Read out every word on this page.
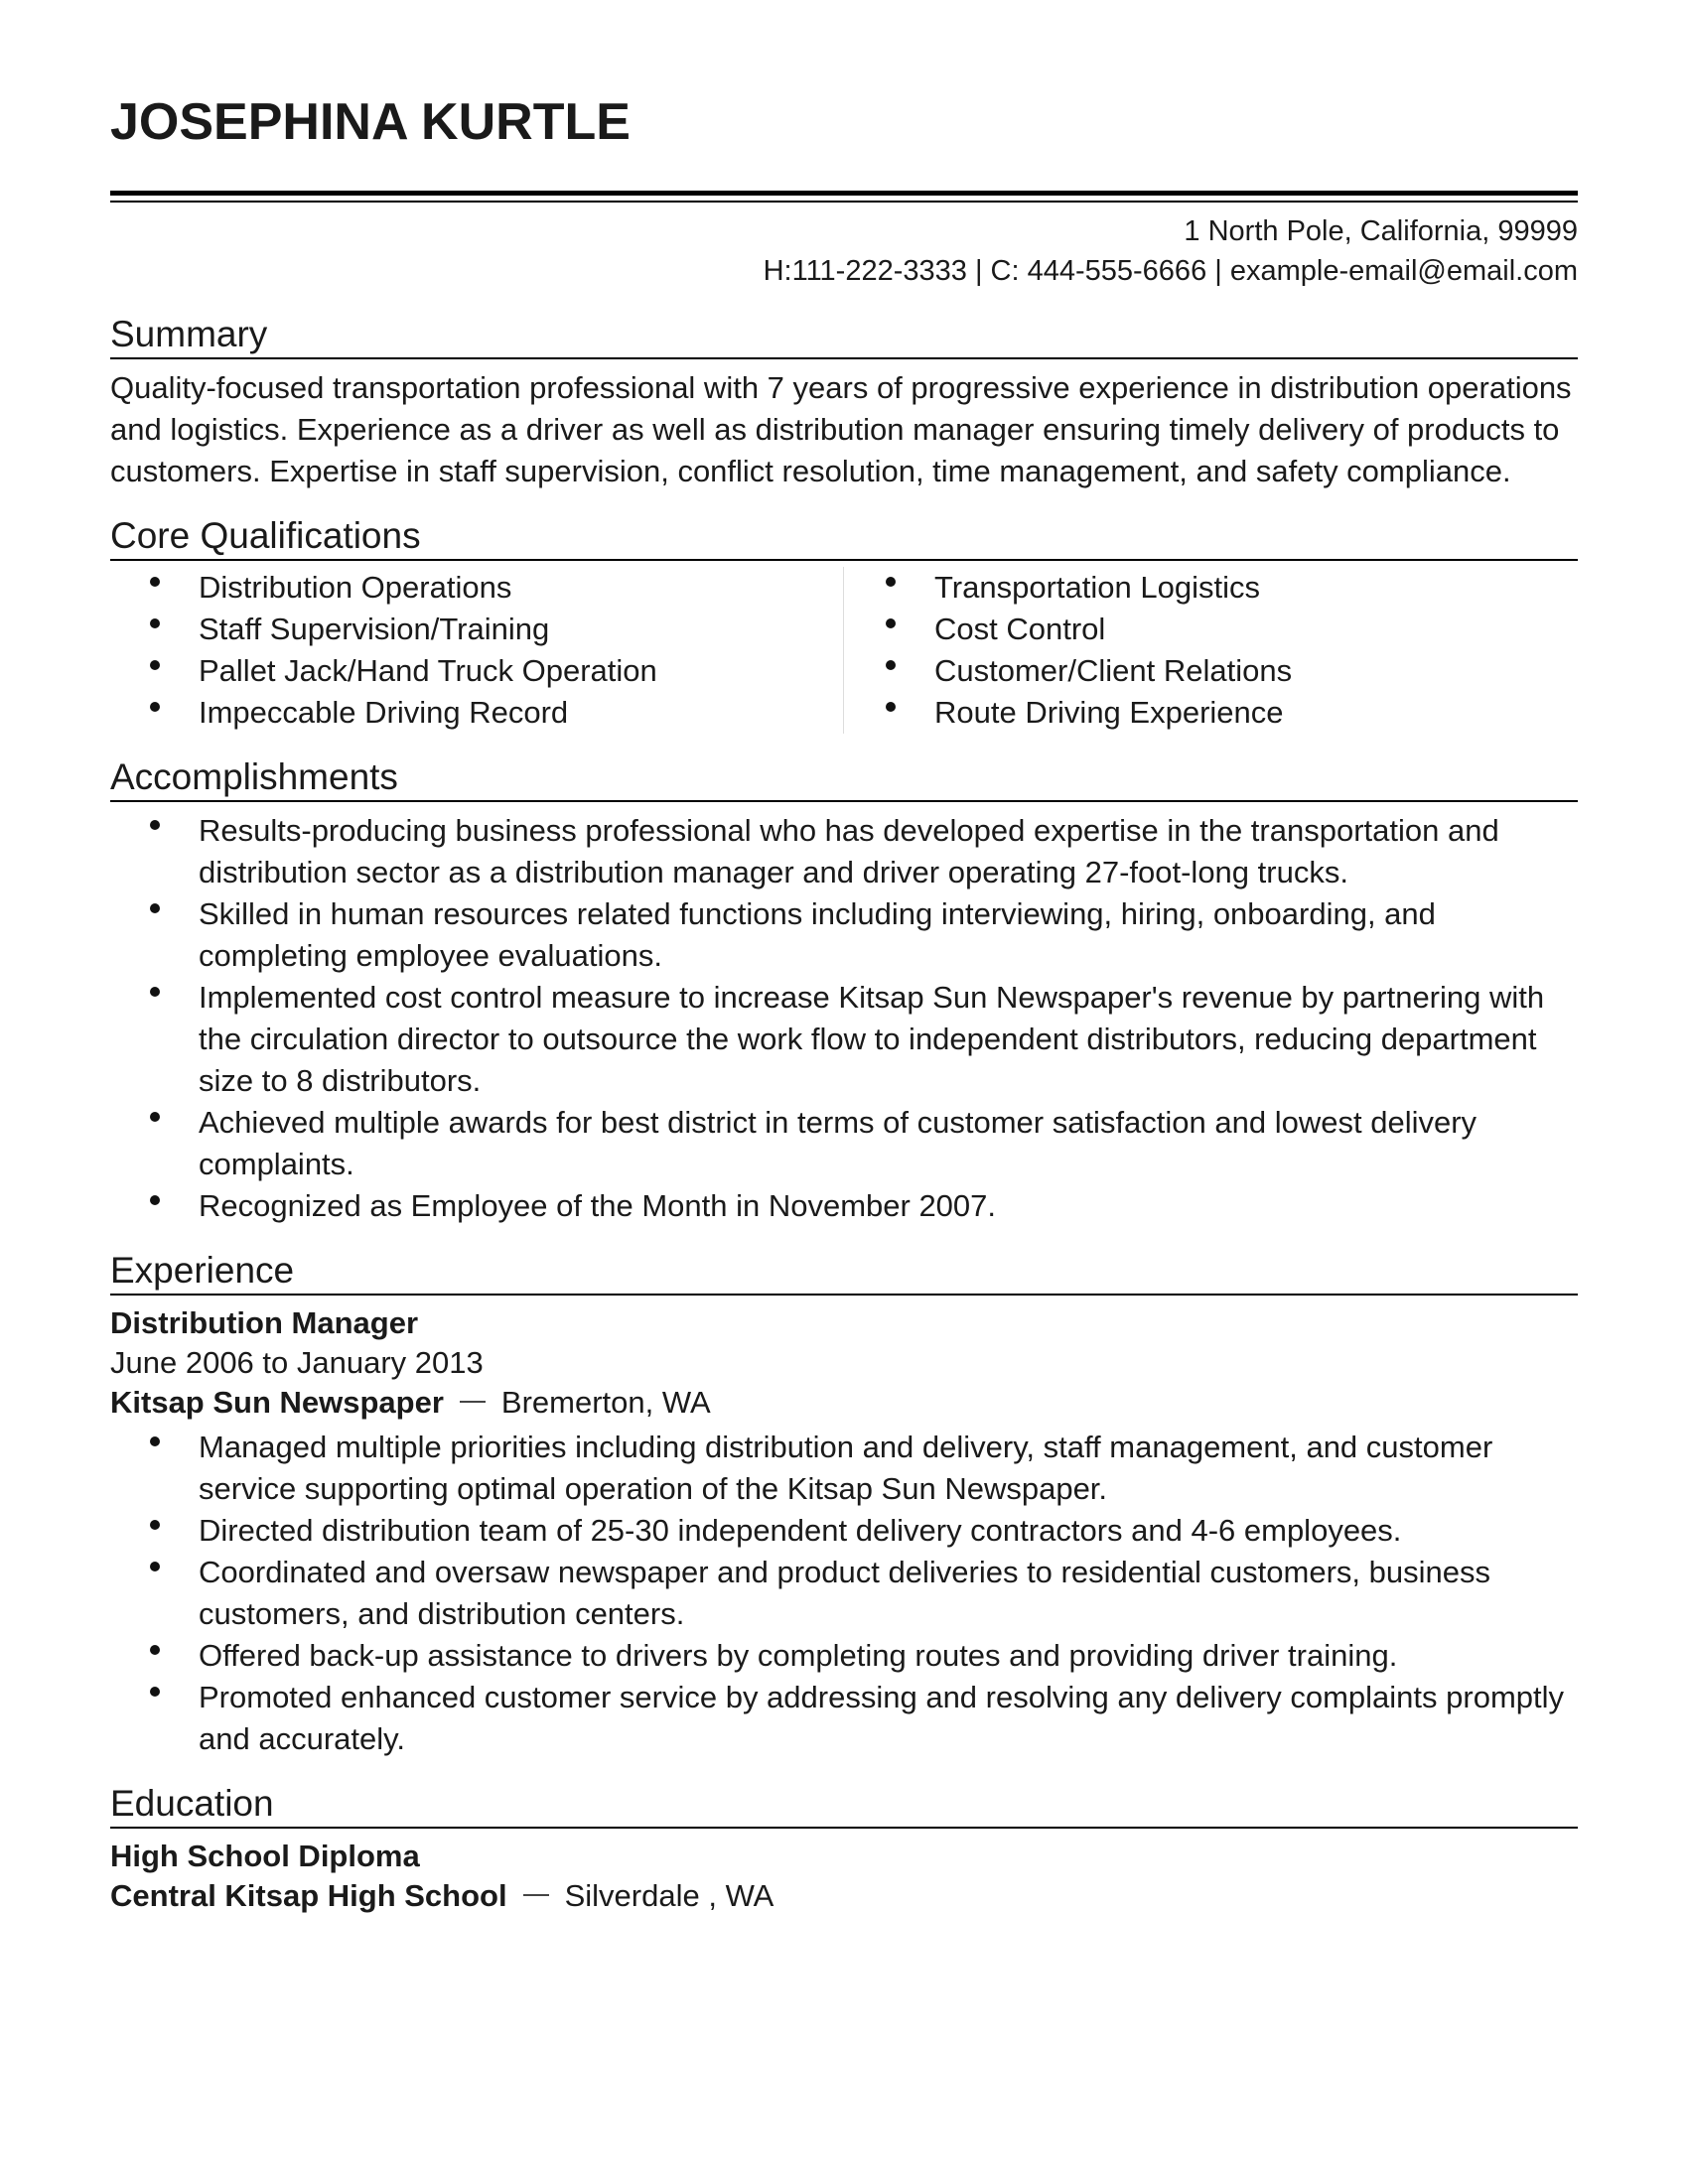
JOSEPHINA KURTLE
1 North Pole, California, 99999
H:111-222-3333 | C: 444-555-6666 | example-email@email.com
Summary
Quality-focused transportation professional with 7 years of progressive experience in distribution operations and logistics. Experience as a driver as well as distribution manager ensuring timely delivery of products to customers. Expertise in staff supervision, conflict resolution, time management, and safety compliance.
Core Qualifications
Distribution Operations
Staff Supervision/Training
Pallet Jack/Hand Truck Operation
Impeccable Driving Record
Transportation Logistics
Cost Control
Customer/Client Relations
Route Driving Experience
Accomplishments
Results-producing business professional who has developed expertise in the transportation and distribution sector as a distribution manager and driver operating 27-foot-long trucks.
Skilled in human resources related functions including interviewing, hiring, onboarding, and completing employee evaluations.
Implemented cost control measure to increase Kitsap Sun Newspaper's revenue by partnering with the circulation director to outsource the work flow to independent distributors, reducing department size to 8 distributors.
Achieved multiple awards for best district in terms of customer satisfaction and lowest delivery complaints.
Recognized as Employee of the Month in November 2007.
Experience
Distribution Manager
June 2006 to January 2013
Kitsap Sun Newspaper Bremerton, WA
Managed multiple priorities including distribution and delivery, staff management, and customer service supporting optimal operation of the Kitsap Sun Newspaper.
Directed distribution team of 25-30 independent delivery contractors and 4-6 employees.
Coordinated and oversaw newspaper and product deliveries to residential customers, business customers, and distribution centers.
Offered back-up assistance to drivers by completing routes and providing driver training.
Promoted enhanced customer service by addressing and resolving any delivery complaints promptly and accurately.
Education
High School Diploma
Central Kitsap High School Silverdale , WA
